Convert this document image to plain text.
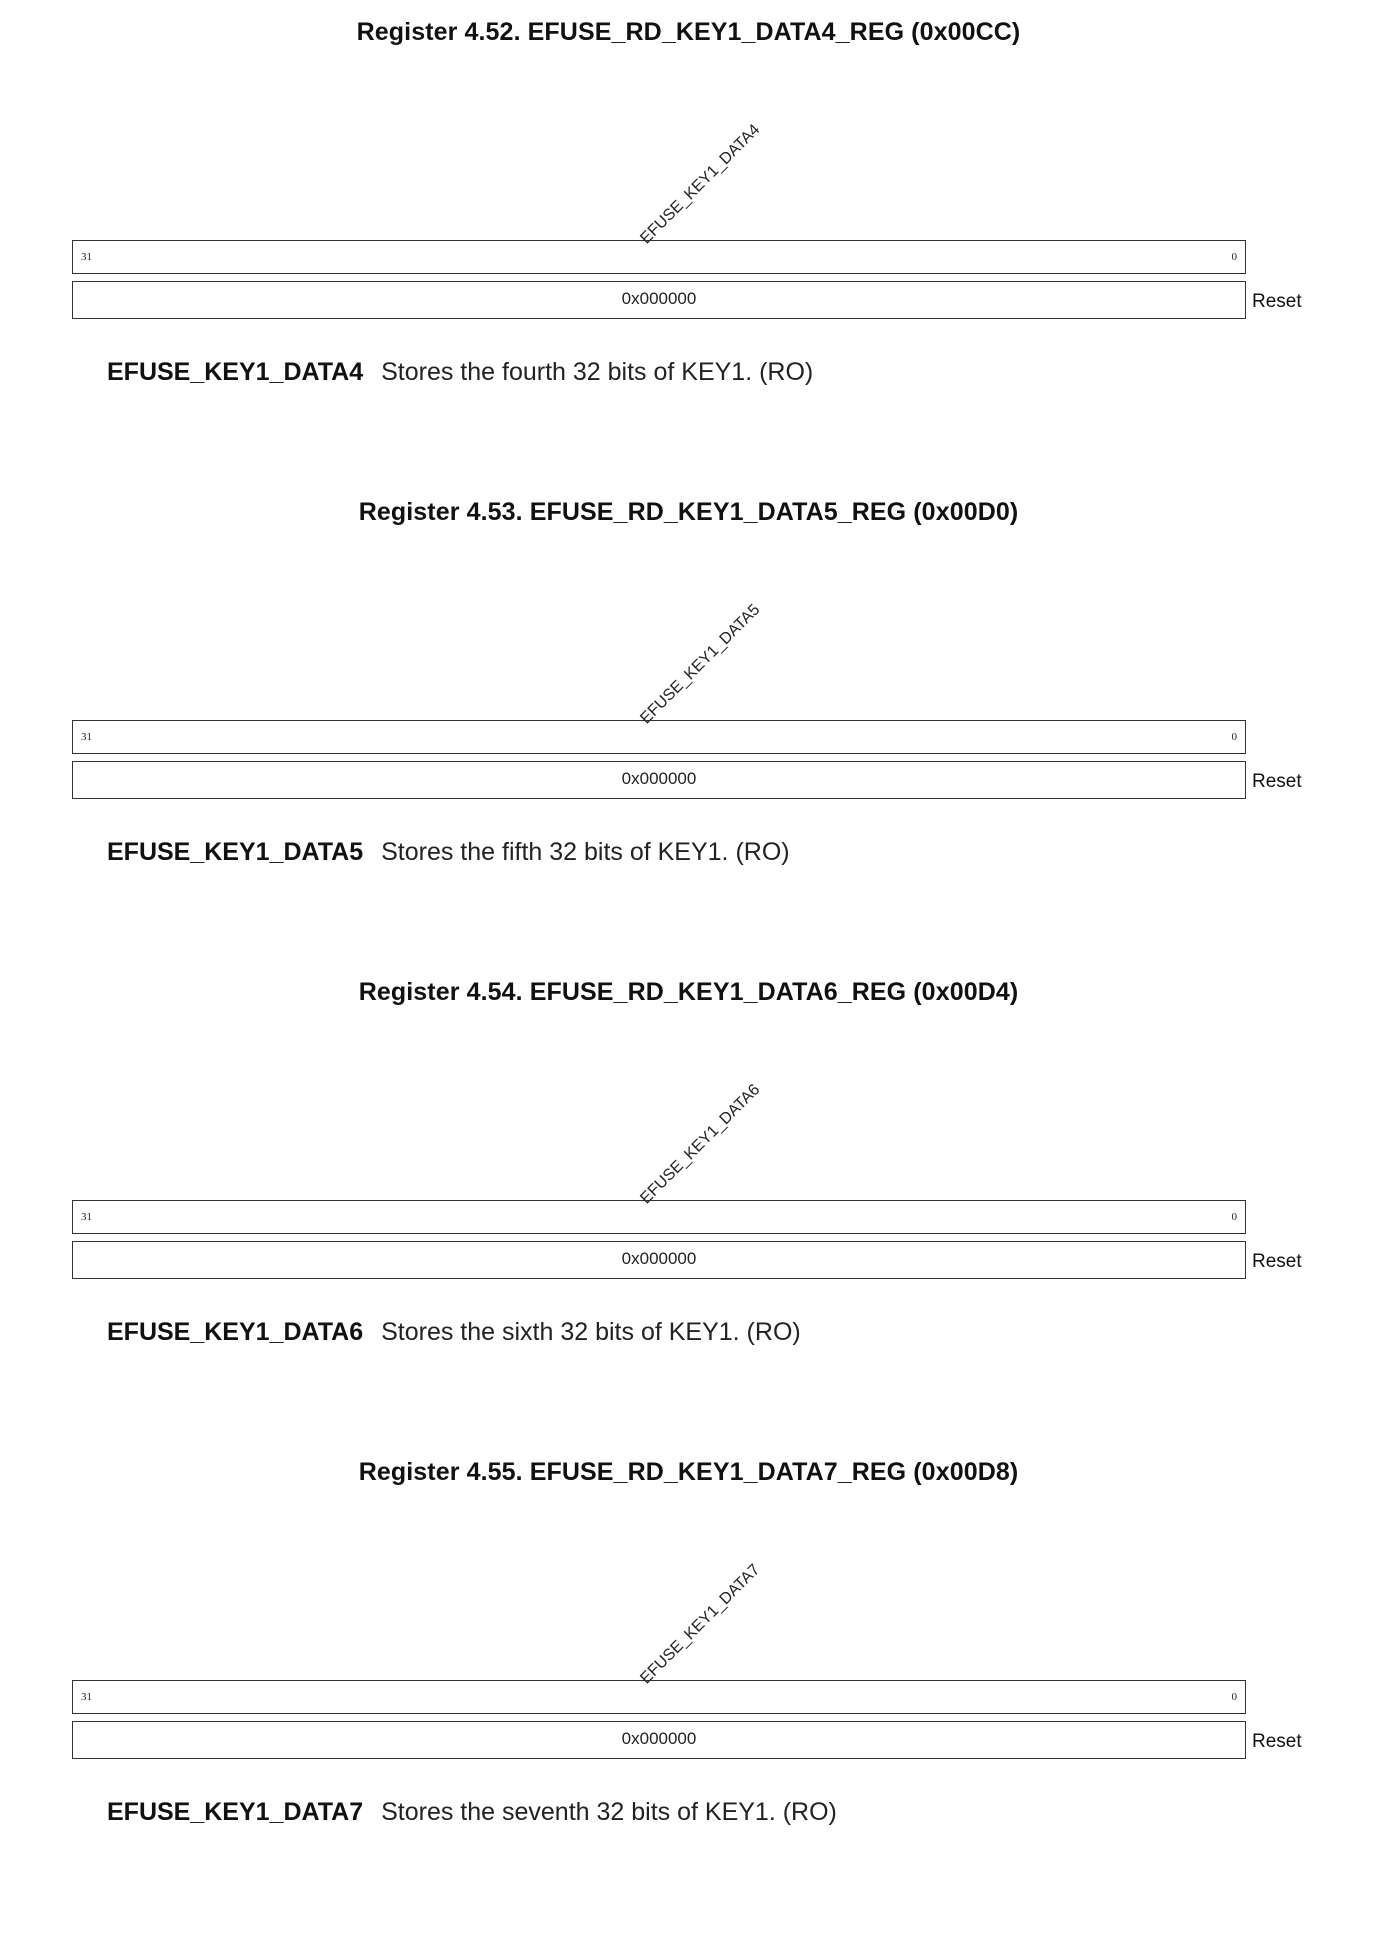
Register 4.52. EFUSE_RD_KEY1_DATA4_REG (0x00CC)
EFUSE_KEY1_DATA4
31	0
0x000000	Reset
EFUSE_KEY1_DATA4 Stores the fourth 32 bits of KEY1. (RO)
Register 4.53. EFUSE_RD_KEY1_DATA5_REG (0x00D0)
EFUSE_KEY1_DATA5
31	0
0x000000	Reset
EFUSE_KEY1_DATA5 Stores the fifth 32 bits of KEY1. (RO)
Register 4.54. EFUSE_RD_KEY1_DATA6_REG (0x00D4)
EFUSE_KEY1_DATA6
31	0
0x000000	Reset
EFUSE_KEY1_DATA6 Stores the sixth 32 bits of KEY1. (RO)
Register 4.55. EFUSE_RD_KEY1_DATA7_REG (0x00D8)
EFUSE_KEY1_DATA7
31	0
0x000000	Reset
EFUSE_KEY1_DATA7 Stores the seventh 32 bits of KEY1. (RO)
